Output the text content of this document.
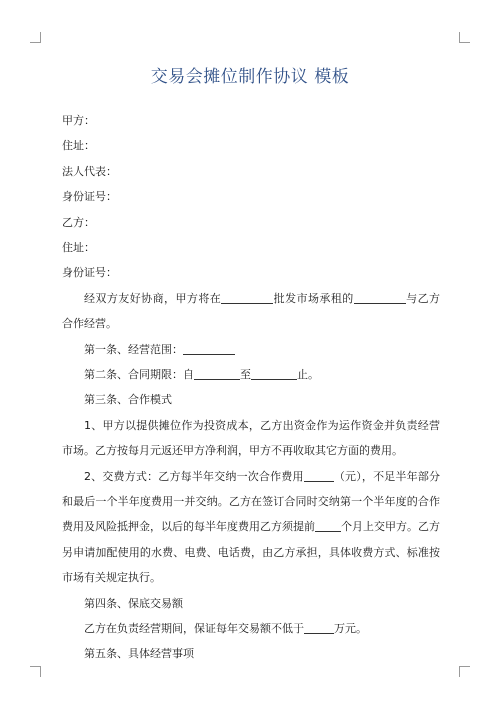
交易会摊位制作协议 模板
甲方：
住址：
法人代表：
身份证号：
乙方：
住址：
身份证号：

经双方友好协商，甲方将在	批发市场承租的	与乙方合作经营。

第一条、经营范围：
第二条、合同期限：自	至	止。
第三条、合作模式

1、甲方以提供摊位作为投资成本，乙方出资金作为运作资金并负责经营市场。乙方按每月元返还甲方净利润，甲方不再收取其它方面的费用。

2、交费方式：乙方每半年交纳一次合作费用	（元），不足半年部分和最后一个半年度费用一并交纳。乙方在签订合同时交纳第一个半年度的合作费用及风险抵押金，以后的每半年度费用乙方须提前 个月上交甲方。乙方另申请加配使用的水费、电费、电话费，由乙方承担，具体收费方式、标准按市场有关规定执行。

第四条、保底交易额
乙方在负责经营期间，保证每年交易额不低于	万元。
第五条、具体经营事项
